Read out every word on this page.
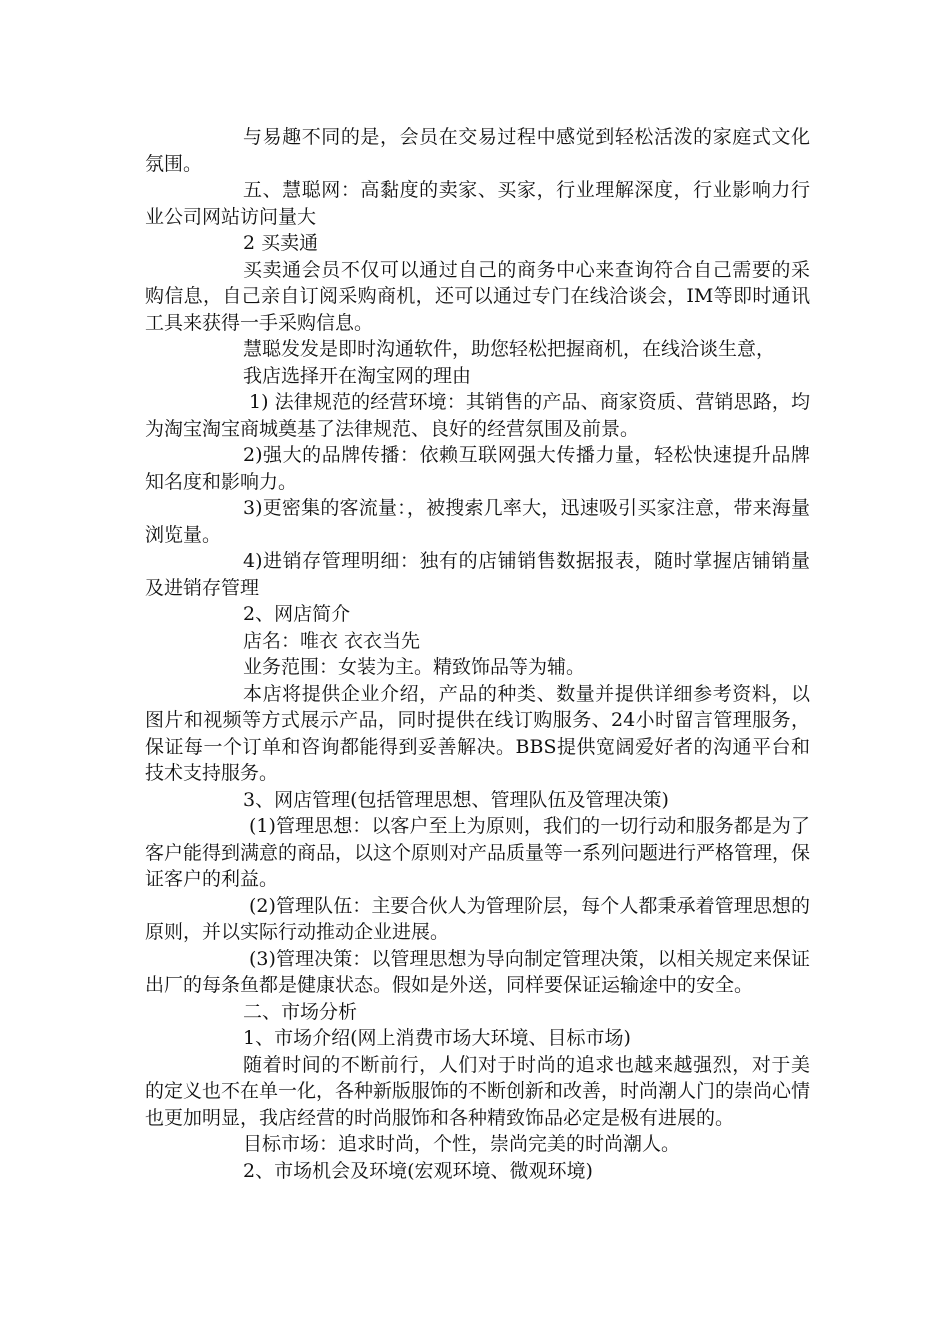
与易趣不同的是，会员在交易过程中感觉到轻松活泼的家庭式文化氛围。

五、慧聪网：高黏度的卖家、买家，行业理解深度，行业影响力行业公司网站访问量大

2 买卖通

买卖通会员不仅可以通过自己的商务中心来查询符合自己需要的采购信息，自己亲自订阅采购商机，还可以通过专门在线洽谈会，IM等即时通讯工具来获得一手采购信息。

慧聪发发是即时沟通软件，助您轻松把握商机，在线洽谈生意，

我店选择开在淘宝网的理由

1) 法律规范的经营环境：其销售的产品、商家资质、营销思路，均为淘宝淘宝商城奠基了法律规范、良好的经营氛围及前景。

2)强大的品牌传播：依赖互联网强大传播力量，轻松快速提升品牌知名度和影响力。

3)更密集的客流量：，被搜索几率大，迅速吸引买家注意，带来海量浏览量。

4)进销存管理明细：独有的店铺销售数据报表，随时掌握店铺销量及进销存管理

2、网店简介

店名：唯衣 衣衣当先

业务范围：女装为主。精致饰品等为辅。

本店将提供企业介绍，产品的种类、数量并提供详细参考资料，以图片和视频等方式展示产品，同时提供在线订购服务、24小时留言管理服务，保证每一个订单和咨询都能得到妥善解决。BBS提供宽阔爱好者的沟通平台和技术支持服务。

3、网店管理(包括管理思想、管理队伍及管理决策)

(1)管理思想：以客户至上为原则，我们的一切行动和服务都是为了客户能得到满意的商品，以这个原则对产品质量等一系列问题进行严格管理，保证客户的利益。

(2)管理队伍：主要合伙人为管理阶层，每个人都秉承着管理思想的原则，并以实际行动推动企业进展。

(3)管理决策：以管理思想为导向制定管理决策，以相关规定来保证出厂的每条鱼都是健康状态。假如是外送，同样要保证运输途中的安全。

二、市场分析

1、市场介绍(网上消费市场大环境、目标市场)

随着时间的不断前行，人们对于时尚的追求也越来越强烈，对于美的定义也不在单一化，各种新版服饰的不断创新和改善，时尚潮人门的崇尚心情也更加明显，我店经营的时尚服饰和各种精致饰品必定是极有进展的。

目标市场：追求时尚，个性，崇尚完美的时尚潮人。

2、市场机会及环境(宏观环境、微观环境)
